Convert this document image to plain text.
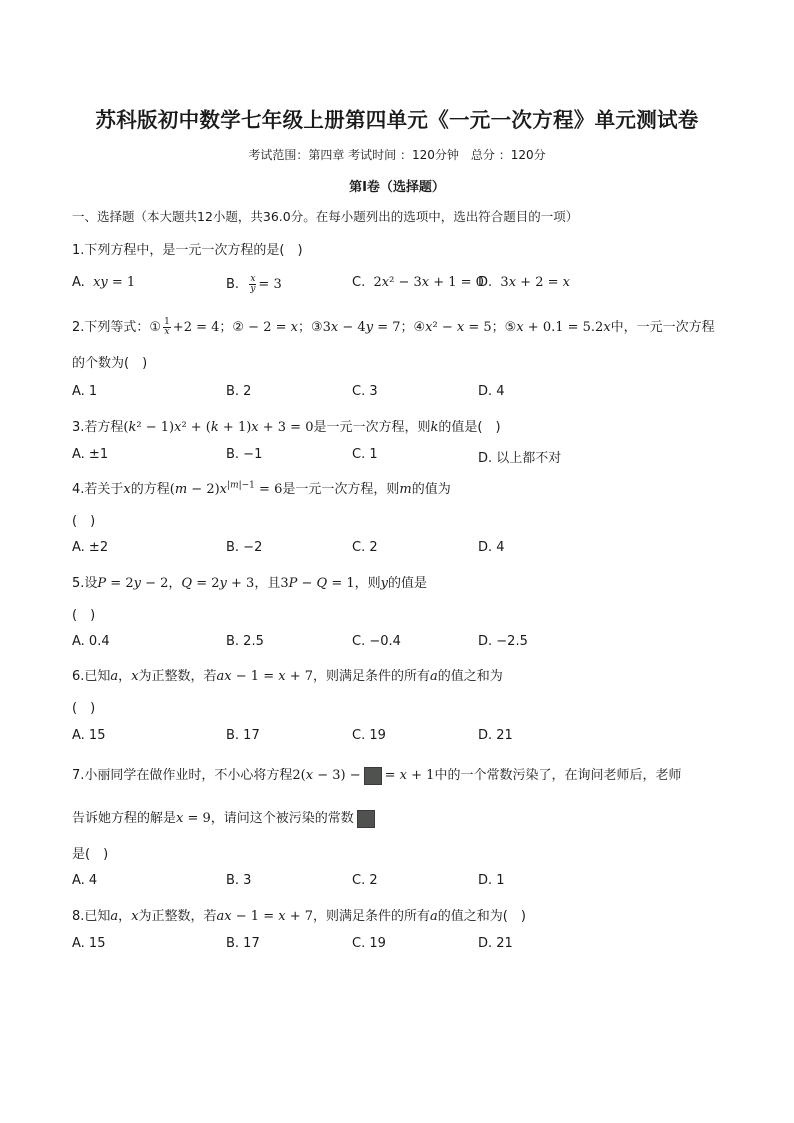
苏科版初中数学七年级上册第四单元《一元一次方程》单元测试卷
考试范围：第四章 考试时间 ：120分钟　总分 ：120分
第I卷（选择题）
一、选择题（本大题共12小题，共36.0分。在每小题列出的选项中，选出符合题目的一项）
1.下列方程中，是一元一次方程的是(　)
A.  xy = 1	B. $\frac{x}{y} = 3$	C.  2x² − 3x + 1 = 0
D.  3x + 2 = x
2.下列等式：① $\frac{1}{x} +2 = 4$；② − 2 = x；③3x − 4y = 7；④x² − x = 5；⑤x + 0.1 = 5.2x中，一元一次方程
的个数为(　)
A. 1	B. 2	C. 3	D. 4
3.若方程(k² − 1)x² + (k + 1)x + 3 = 0是一元一次方程，则k的值是(　)
A. ±1	B. −1	C. 1	D. 以上都不对
4.若关于x的方程$(m - 2)x^{|m|-1} = 6$是一元一次方程，则m的值为
(　)
A. ±2	B. −2	C. 2	D. 4
5.设P = 2y − 2，Q = 2y + 3，且3P − Q = 1，则y的值是
(　)
A. 0.4	B. 2.5	C. −0.4	D. −2.5
6.已知a，x为正整数，若ax − 1 = x + 7，则满足条件的所有a的值之和为
(　)
A. 15	B. 17	C. 19	D. 21
7.小丽同学在做作业时，不小心将方程2(x − 3) − = x + 1中的一个常数污染了，在询问老师后，老师
告诉她方程的解是x = 9，请问这个被污染的常数
是(　)
A. 4	B. 3	C. 2	D. 1
8.已知a，x为正整数，若ax − 1 = x + 7，则满足条件的所有a的值之和为(　)
A. 15	B. 17	C. 19	D. 21
